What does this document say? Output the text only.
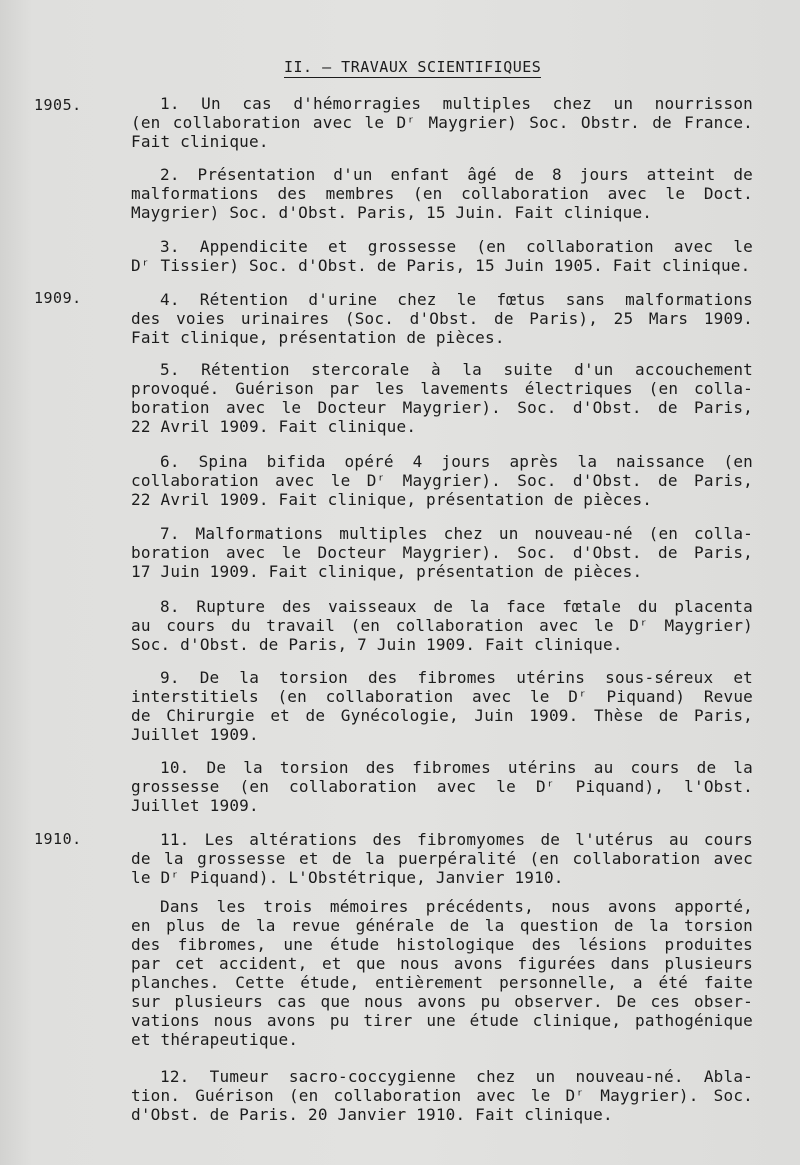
II. — TRAVAUX SCIENTIFIQUES
1905.
1909.
1910.
1. Un cas d'hémorragies multiples chez un nourrisson
(en collaboration avec le Dʳ Maygrier) Soc. Obstr. de France.
Fait clinique.
2. Présentation d'un enfant âgé de 8 jours atteint de
malformations des membres (en collaboration avec le Doct.
Maygrier) Soc. d'Obst. Paris, 15 Juin. Fait clinique.
3. Appendicite et grossesse (en collaboration avec le
Dʳ Tissier) Soc. d'Obst. de Paris, 15 Juin 1905. Fait clinique.
4. Rétention d'urine chez le fœtus sans malformations
des voies urinaires (Soc. d'Obst. de Paris), 25 Mars 1909.
Fait clinique, présentation de pièces.
5. Rétention stercorale à la suite d'un accouchement
provoqué. Guérison par les lavements électriques (en colla-
boration avec le Docteur Maygrier). Soc. d'Obst. de Paris,
22 Avril 1909. Fait clinique.
6. Spina bifida opéré 4 jours après la naissance (en
collaboration avec le Dʳ Maygrier). Soc. d'Obst. de Paris,
22 Avril 1909. Fait clinique, présentation de pièces.
7. Malformations multiples chez un nouveau-né (en colla-
boration avec le Docteur Maygrier). Soc. d'Obst. de Paris,
17 Juin 1909. Fait clinique, présentation de pièces.
8. Rupture des vaisseaux de la face fœtale du placenta
au cours du travail (en collaboration avec le Dʳ Maygrier)
Soc. d'Obst. de Paris, 7 Juin 1909. Fait clinique.
9. De la torsion des fibromes utérins sous-séreux et
interstitiels (en collaboration avec le Dʳ Piquand) Revue
de Chirurgie et de Gynécologie, Juin 1909. Thèse de Paris,
Juillet 1909.
10. De la torsion des fibromes utérins au cours de la
grossesse (en collaboration avec le Dʳ Piquand), l'Obst.
Juillet 1909.
11. Les altérations des fibromyomes de l'utérus au cours
de la grossesse et de la puerpéralité (en collaboration avec
le Dʳ Piquand). L'Obstétrique, Janvier 1910.
Dans les trois mémoires précédents, nous avons apporté,
en plus de la revue générale de la question de la torsion
des fibromes, une étude histologique des lésions produites
par cet accident, et que nous avons figurées dans plusieurs
planches. Cette étude, entièrement personnelle, a été faite
sur plusieurs cas que nous avons pu observer. De ces obser-
vations nous avons pu tirer une étude clinique, pathogénique
et thérapeutique.
12. Tumeur sacro-coccygienne chez un nouveau-né. Abla-
tion. Guérison (en collaboration avec le Dʳ Maygrier). Soc.
d'Obst. de Paris. 20 Janvier 1910. Fait clinique.
